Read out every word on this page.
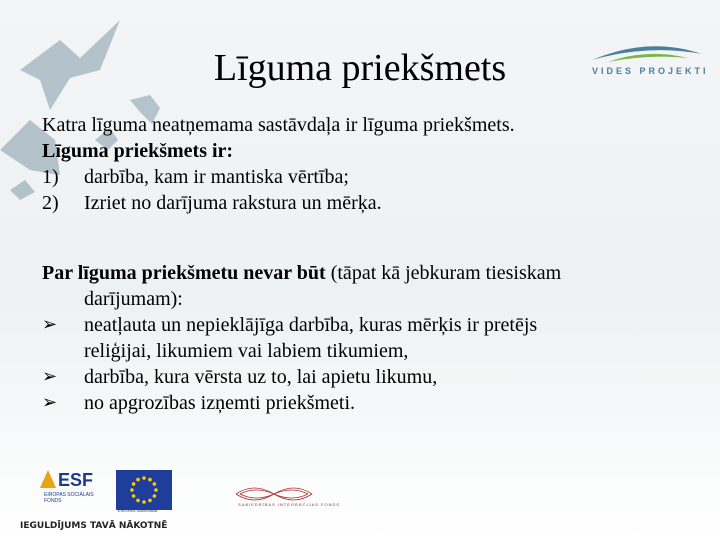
VIDES PROJEKTI
Līguma priekšmets
Katra līguma neatņemama sastāvdaļa ir līguma priekšmets.
Līguma priekšmets ir:
1) darbība, kam ir mantiska vērtība;
2) Izriet no darījuma rakstura un mērķa.
Par līguma priekšmetu nevar būt (tāpat kā jebkuram tiesiskam
darījumam):
➢	neatļauta un nepieklājīga darbība, kuras mērķis ir pretējs
reliģijai, likumiem vai labiem tikumiem,
➢	darbība, kura vērsta uz to, lai apietu likumu,
➢	no apgrozības izņemti priekšmeti.
ESF
EIROPAS SOCIĀLAIS FONDS
EIROPAS SAVIENĪBA
SABIEDRĪBAS INTEGRĀCIJAS FONDS
IEGULDĪJUMS TAVĀ NĀKOTNĒ
